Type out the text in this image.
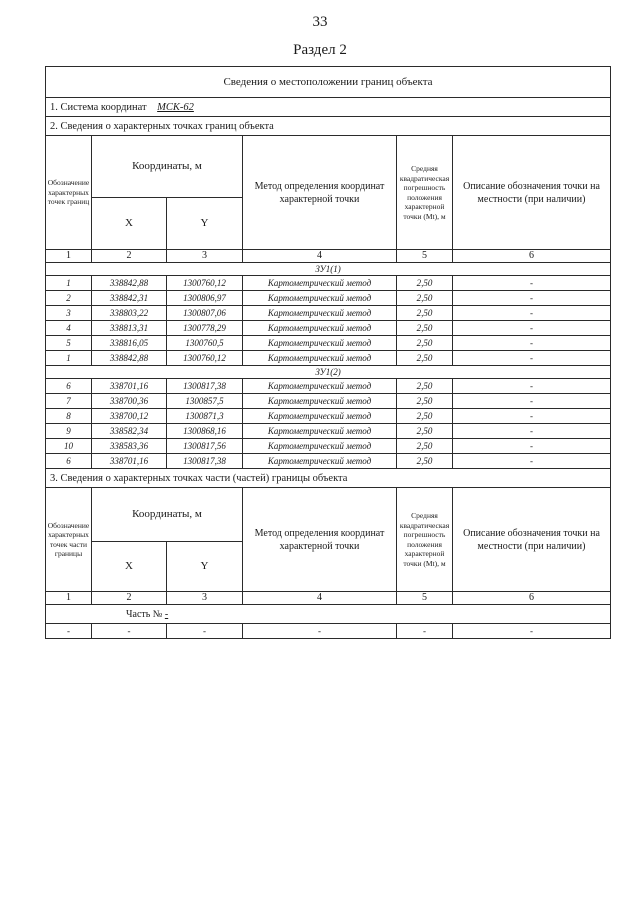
33
Раздел 2
Сведения о местоположении границ объекта					
1. Система координат МСК-62					
2. Сведения о характерных точках границ объекта					
Обозначение характерных точек границ	Координаты, м		Метод определения координат характерной точки	Средняя квадратическая погрешность положения характерной точки (Mt), м	Описание обозначения точки на местности (при наличии)
	X	Y			
1	2	3	4	5	6
ЗУ1(1)					
1	338842,88	1300760,12	Картометрический метод	2,50	-
2	338842,31	1300806,97	Картометрический метод	2,50	-
3	338803,22	1300807,06	Картометрический метод	2,50	-
4	338813,31	1300778,29	Картометрический метод	2,50	-
5	338816,05	1300760,5	Картометрический метод	2,50	-
1	338842,88	1300760,12	Картометрический метод	2,50	-
ЗУ1(2)					
6	338701,16	1300817,38	Картометрический метод	2,50	-
7	338700,36	1300857,5	Картометрический метод	2,50	-
8	338700,12	1300871,3	Картометрический метод	2,50	-
9	338582,34	1300868,16	Картометрический метод	2,50	-
10	338583,36	1300817,56	Картометрический метод	2,50	-
6	338701,16	1300817,38	Картометрический метод	2,50	-
3. Сведения о характерных точках части (частей) границы объекта					
Обозначение характерных точек части границы	Координаты, м		Метод определения координат характерной точки	Средняя квадратическая погрешность положения характерной точки (Mt), м	Описание обозначения точки на местности (при наличии)
	X	Y			
1	2	3	4	5	6
Часть № -					
-	-	-	-	-	-
